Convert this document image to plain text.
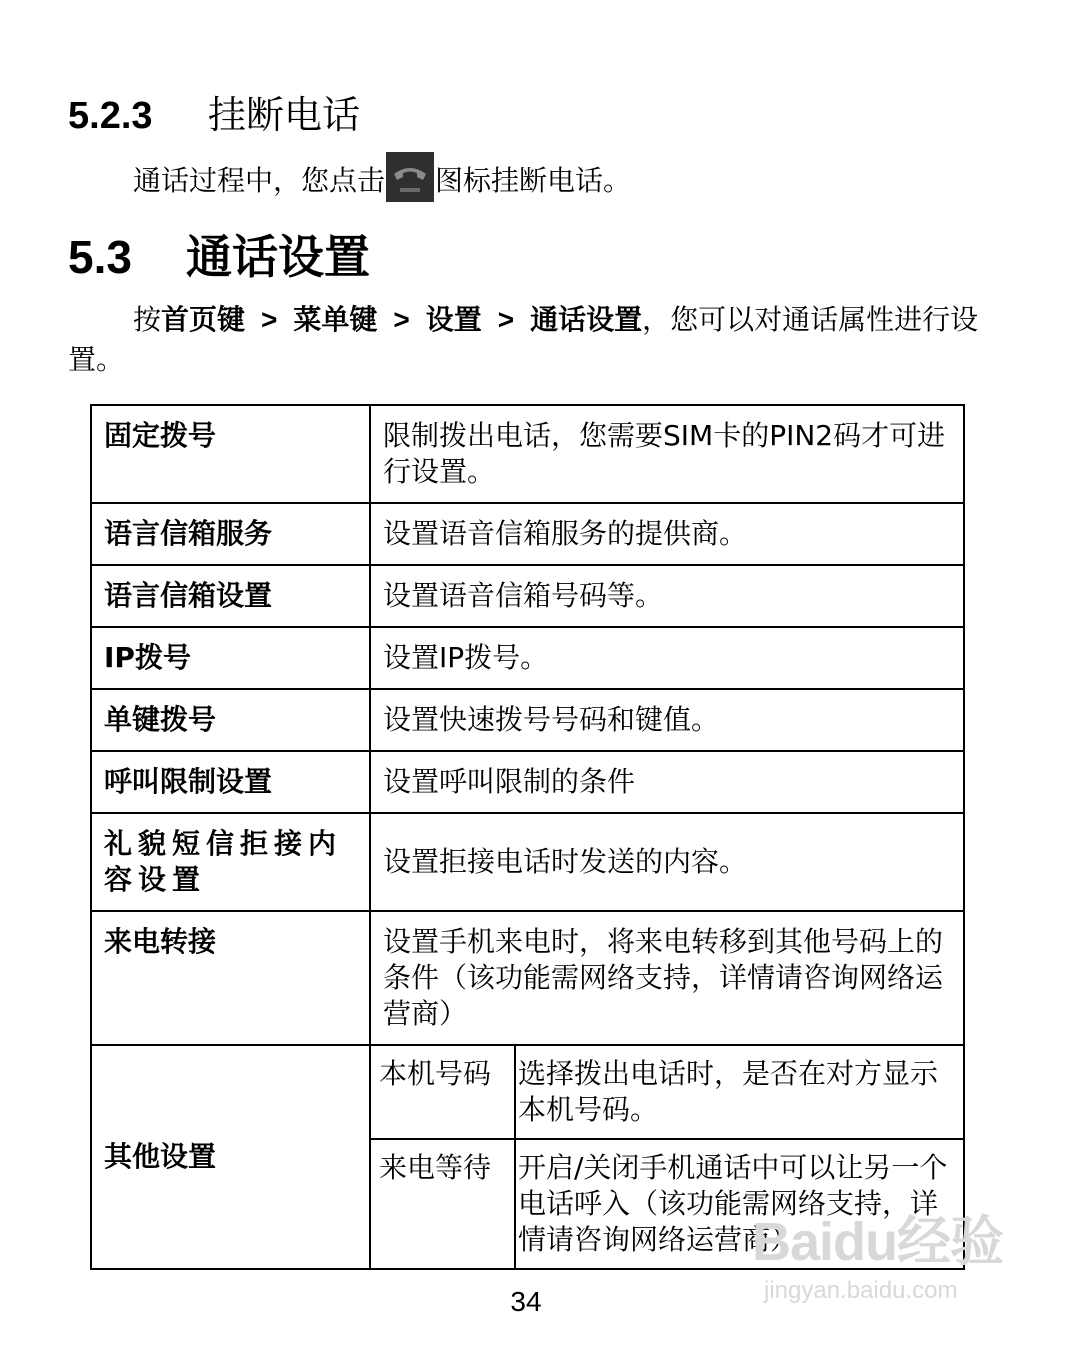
5.2.3 挂断电话

通话过程中，您点击 图标挂断电话。

5.3 通话设置

按首页键 > 菜单键 > 设置 > 通话设置，您可以对通话属性进行设置。

固定拨号	限制拨出电话，您需要SIM卡的PIN2码才可进行设置。	
语言信箱服务	设置语音信箱服务的提供商。	
语言信箱设置	设置语音信箱号码等。	
IP拨号	设置IP拨号。	
单键拨号	设置快速拨号号码和键值。	
呼叫限制设置	设置呼叫限制的条件	
礼貌短信拒接内容设置	设置拒接电话时发送的内容。	
来电转接	设置手机来电时，将来电转移到其他号码上的条件（该功能需网络支持，详情请咨询网络运营商）	
其他设置	本机号码	选择拨出电话时，是否在对方显示本机号码。
	来电等待	开启/关闭手机通话中可以让另一个电话呼入（该功能需网络支持，详情请咨询网络运营商）
34
Baidu经验
jingyan.baidu.com
